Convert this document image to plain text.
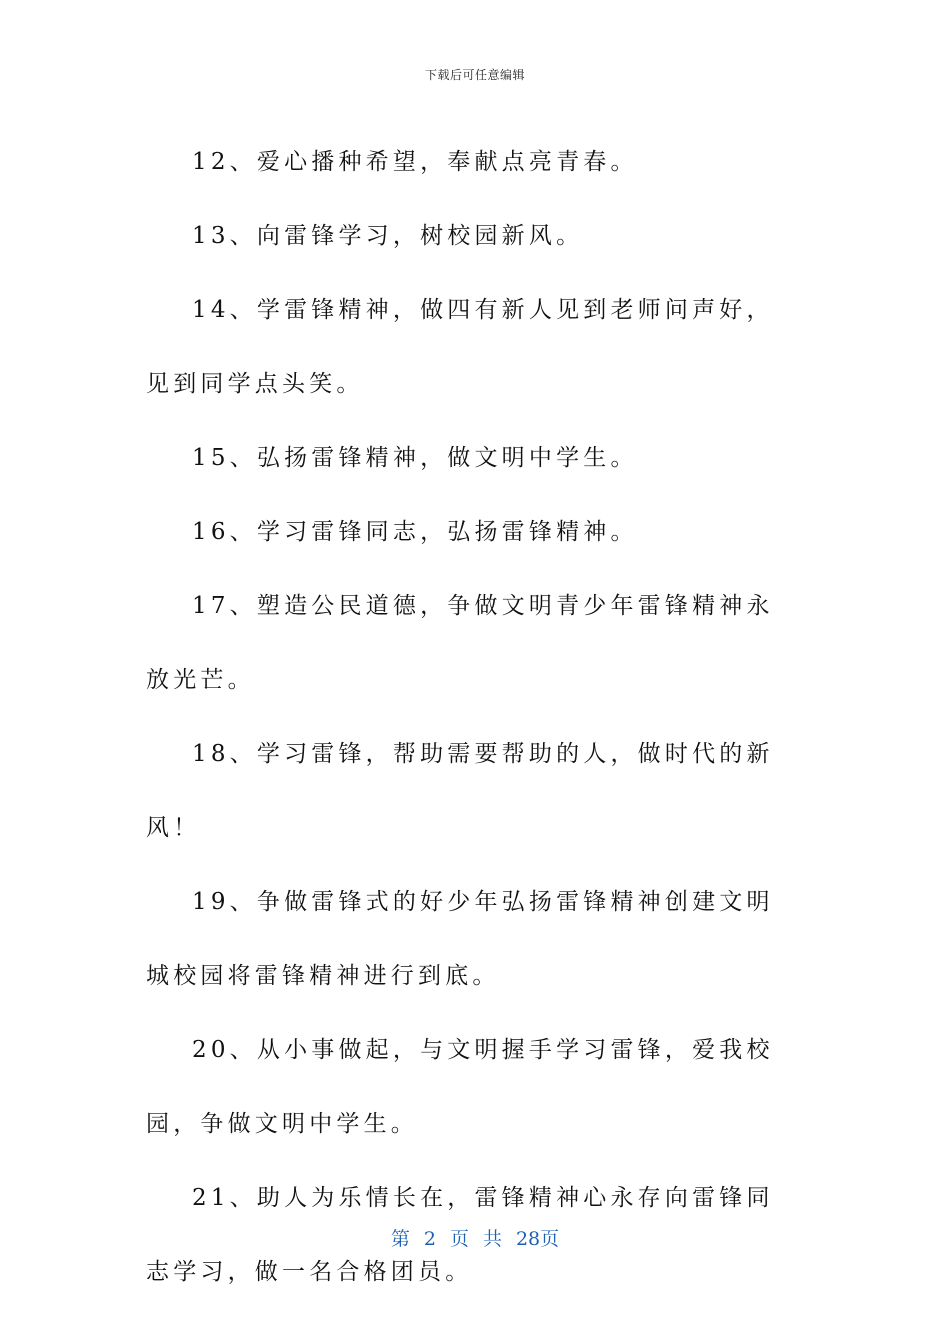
下载后可任意编辑

12、爱心播种希望，奉献点亮青春。

13、向雷锋学习，树校园新风。

14、学雷锋精神，做四有新人见到老师问声好，见到同学点头笑。

15、弘扬雷锋精神，做文明中学生。

16、学习雷锋同志，弘扬雷锋精神。

17、塑造公民道德，争做文明青少年雷锋精神永放光芒。

18、学习雷锋，帮助需要帮助的人，做时代的新风！

19、争做雷锋式的好少年弘扬雷锋精神创建文明城校园将雷锋精神进行到底。

20、从小事做起，与文明握手学习雷锋，爱我校园，争做文明中学生。

21、助人为乐情长在，雷锋精神心永存向雷锋同志学习，做一名合格团员。

第 2 页 共 28页
